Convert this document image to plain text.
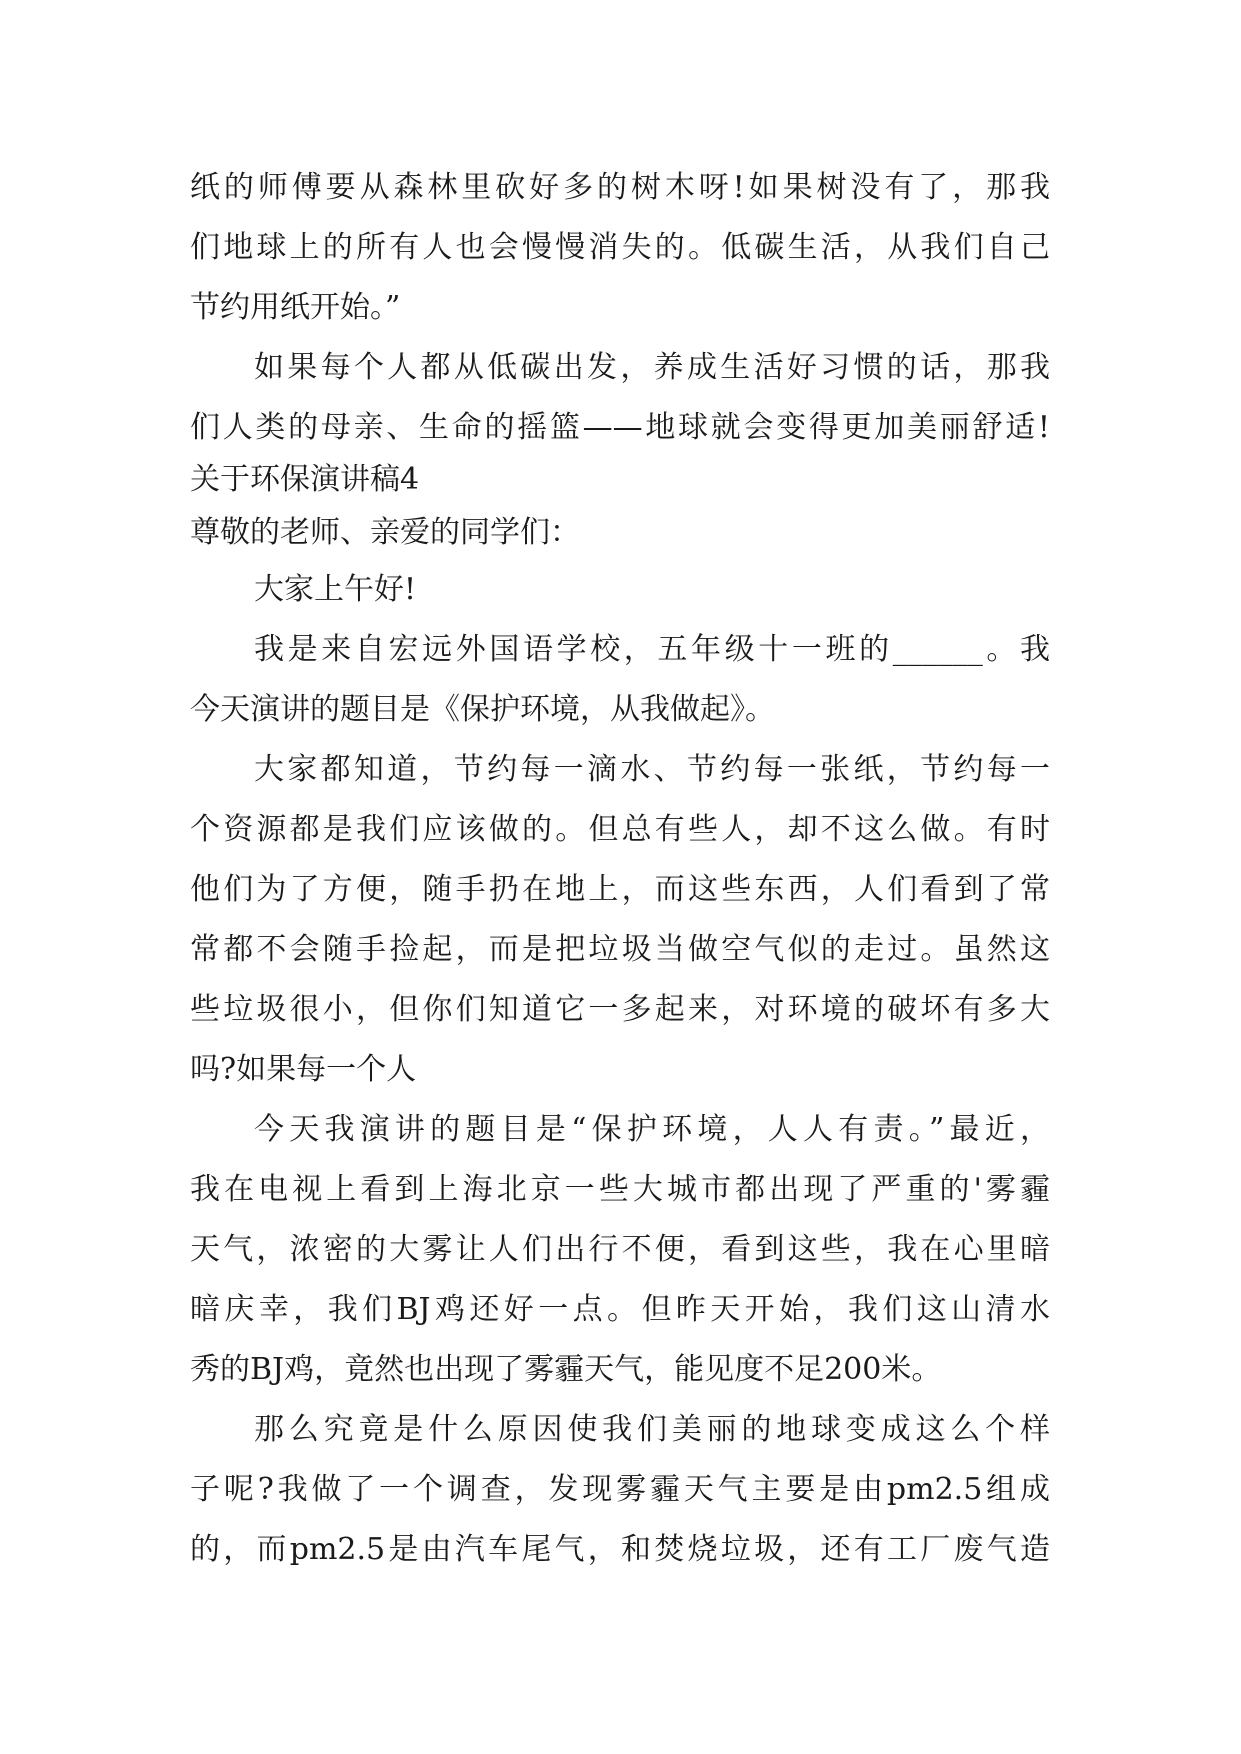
纸的师傅要从森林里砍好多的树木呀!如果树没有了，那我
们地球上的所有人也会慢慢消失的。低碳生活，从我们自己
节约用纸开始。”
如果每个人都从低碳出发，养成生活好习惯的话，那我
们人类的母亲、生命的摇篮——地球就会变得更加美丽舒适!
关于环保演讲稿4
尊敬的老师、亲爱的同学们：
大家上午好!
我是来自宏远外国语学校，五年级十一班的______。我
今天演讲的题目是《保护环境，从我做起》。
大家都知道，节约每一滴水、节约每一张纸，节约每一
个资源都是我们应该做的。但总有些人，却不这么做。有时
他们为了方便，随手扔在地上，而这些东西，人们看到了常
常都不会随手捡起，而是把垃圾当做空气似的走过。虽然这
些垃圾很小，但你们知道它一多起来，对环境的破坏有多大
吗?如果每一个人
今天我演讲的题目是“保护环境，人人有责。”最近，
我在电视上看到上海北京一些大城市都出现了严重的'雾霾
天气，浓密的大雾让人们出行不便，看到这些，我在心里暗
暗庆幸，我们BJ鸡还好一点。但昨天开始，我们这山清水
秀的BJ鸡，竟然也出现了雾霾天气，能见度不足200米。
那么究竟是什么原因使我们美丽的地球变成这么个样
子呢?我做了一个调查，发现雾霾天气主要是由pm2.5组成
的，而pm2.5是由汽车尾气，和焚烧垃圾，还有工厂废气造
